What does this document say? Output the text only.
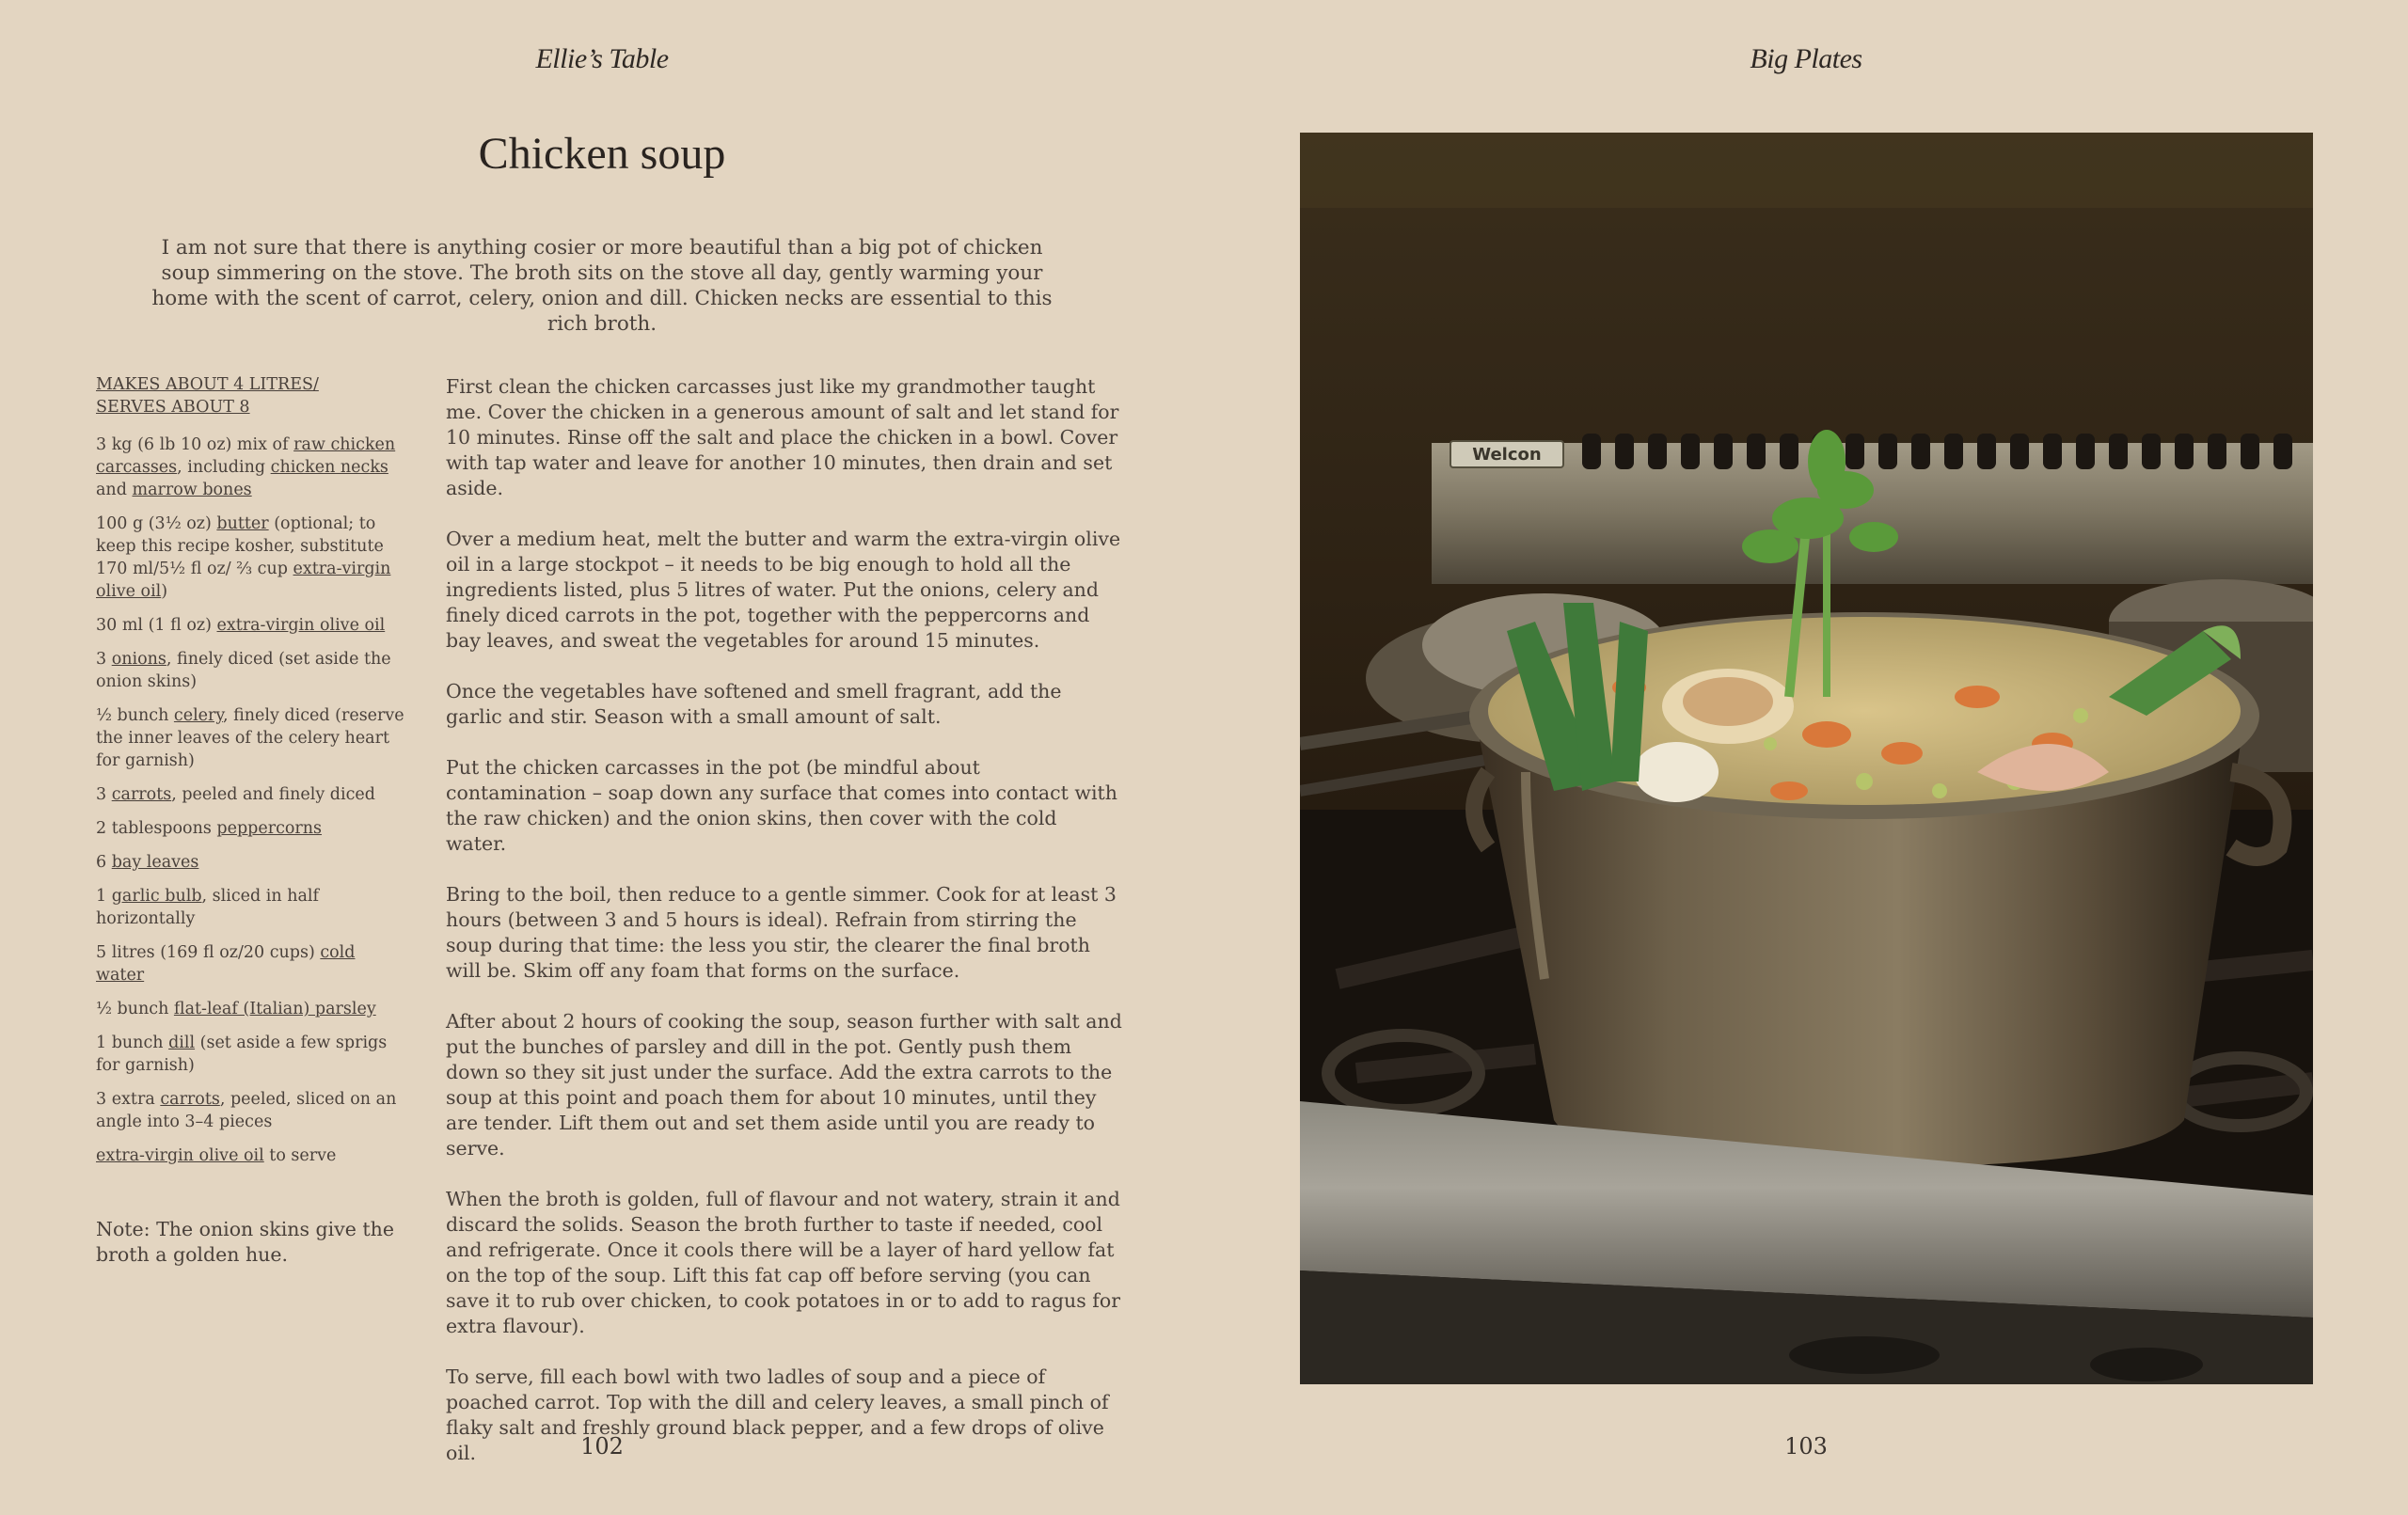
Ellie’s Table
Chicken soup

I am not sure that there is anything cosier or more beautiful than a big pot of chicken soup simmering on the stove. The broth sits on the stove all day, gently warming your home with the scent of carrot, celery, onion and dill. Chicken necks are essential to this rich broth.

MAKES ABOUT 4 LITRES/
SERVES ABOUT 8

3 kg (6 lb 10 oz) mix of raw chicken carcasses, including chicken necks and marrow bones
100 g (3½ oz) butter (optional; to keep this recipe kosher, substitute 170 ml/5½ fl oz/ ⅔ cup extra-virgin olive oil)
30 ml (1 fl oz) extra-virgin olive oil
3 onions, finely diced (set aside the onion skins)
½ bunch celery, finely diced (reserve the inner leaves of the celery heart for garnish)
3 carrots, peeled and finely diced
2 tablespoons peppercorns
6 bay leaves
1 garlic bulb, sliced in half horizontally
5 litres (169 fl oz/20 cups) cold water
½ bunch flat-leaf (Italian) parsley
1 bunch dill (set aside a few sprigs for garnish)
3 extra carrots, peeled, sliced on an angle into 3–4 pieces
extra-virgin olive oil to serve
Note: The onion skins give the broth a golden hue.

First clean the chicken carcasses just like my grandmother taught me. Cover the chicken in a generous amount of salt and let stand for 10 minutes. Rinse off the salt and place the chicken in a bowl. Cover with tap water and leave for another 10 minutes, then drain and set aside.

Over a medium heat, melt the butter and warm the extra-virgin olive oil in a large stockpot – it needs to be big enough to hold all the ingredients listed, plus 5 litres of water. Put the onions, celery and finely diced carrots in the pot, together with the peppercorns and bay leaves, and sweat the vegetables for around 15 minutes.

Once the vegetables have softened and smell fragrant, add the garlic and stir. Season with a small amount of salt.

Put the chicken carcasses in the pot (be mindful about contamination – soap down any surface that comes into contact with the raw chicken) and the onion skins, then cover with the cold water.

Bring to the boil, then reduce to a gentle simmer. Cook for at least 3 hours (between 3 and 5 hours is ideal). Refrain from stirring the soup during that time: the less you stir, the clearer the final broth will be. Skim off any foam that forms on the surface.

After about 2 hours of cooking the soup, season further with salt and put the bunches of parsley and dill in the pot. Gently push them down so they sit just under the surface. Add the extra carrots to the soup at this point and poach them for about 10 minutes, until they are tender. Lift them out and set them aside until you are ready to serve.

When the broth is golden, full of flavour and not watery, strain it and discard the solids. Season the broth further to taste if needed, cool and refrigerate. Once it cools there will be a layer of hard yellow fat on the top of the soup. Lift this fat cap off before serving (you can save it to rub over chicken, to cook potatoes in or to add to ragus for extra flavour).

To serve, fill each bowl with two ladles of soup and a piece of poached carrot. Top with the dill and celery leaves, a small pinch of flaky salt and freshly ground black pepper, and a few drops of olive oil.	102
Big Plates
Welcon
103
